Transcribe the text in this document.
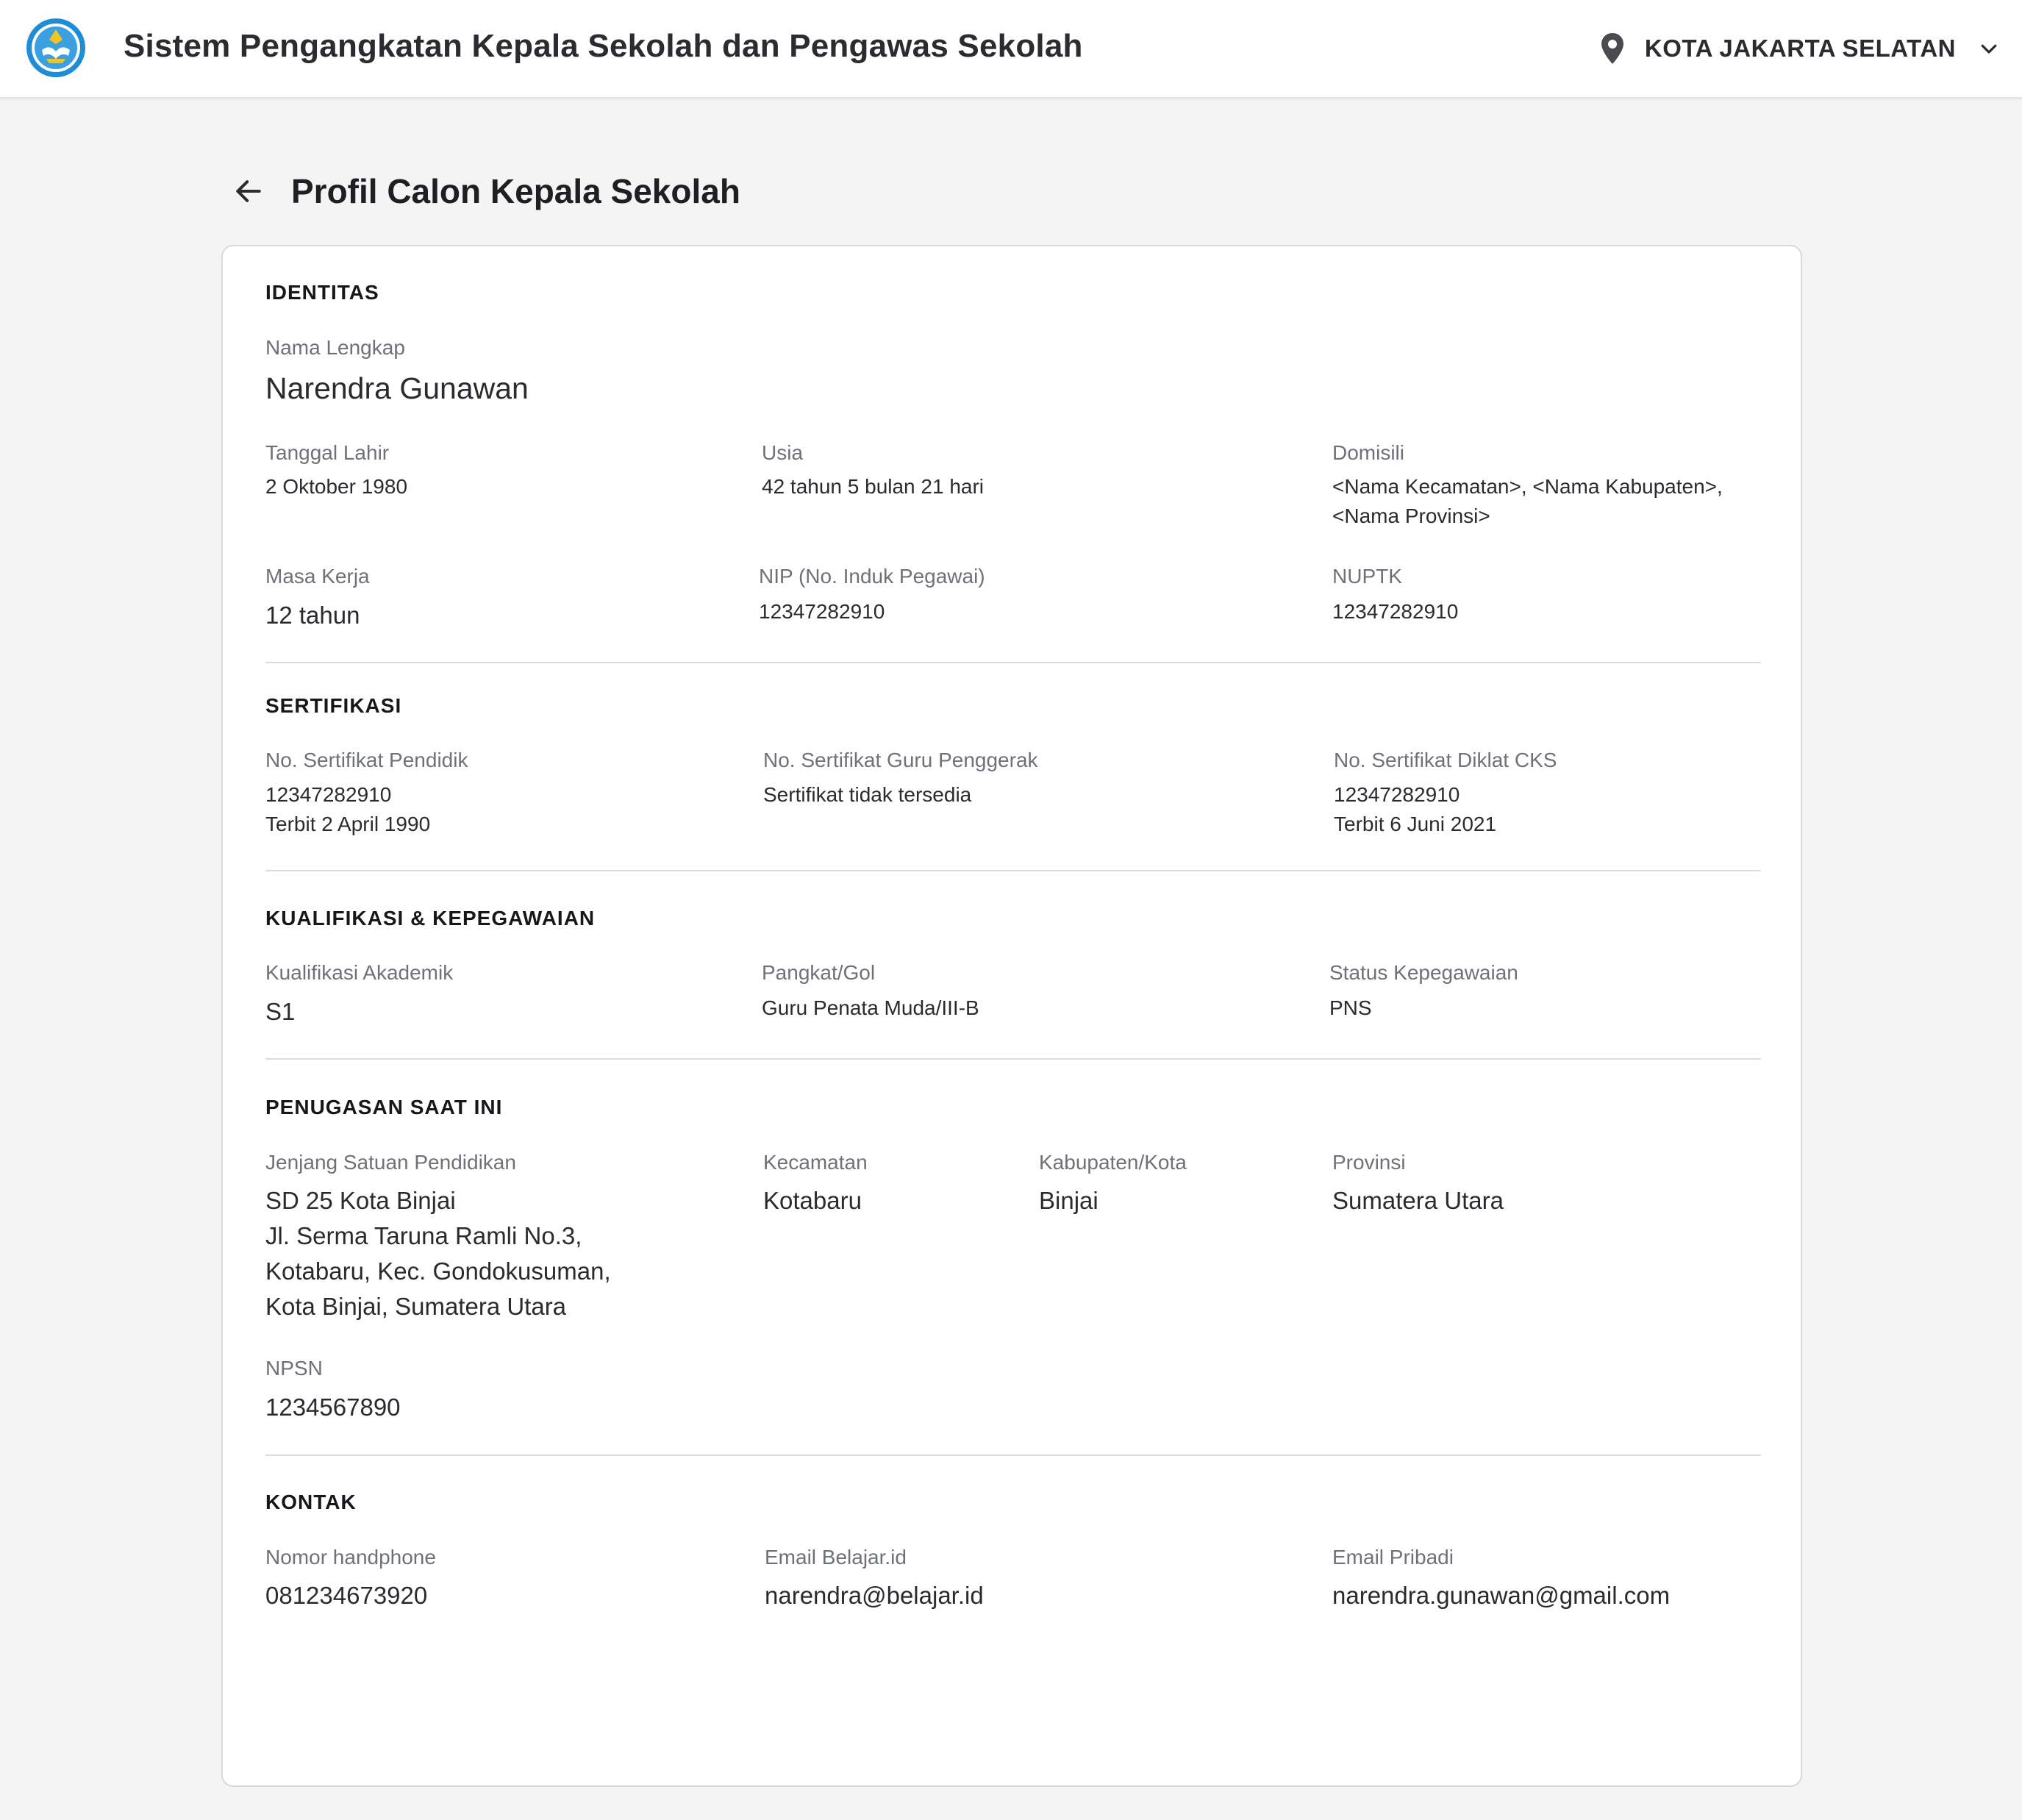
Sistem Pengangkatan Kepala Sekolah dan Pengawas Sekolah	KOTA JAKARTA SELATAN
Profil Calon Kepala Sekolah
IDENTITAS
Nama Lengkap
Narendra Gunawan
Tanggal Lahir
2 Oktober 1980
Usia
42 tahun 5 bulan 21 hari
Domisili
<Nama Kecamatan>, <Nama Kabupaten>,
<Nama Provinsi>
Masa Kerja
12 tahun
NIP (No. Induk Pegawai)
12347282910
NUPTK
12347282910
SERTIFIKASI
No. Sertifikat Pendidik
12347282910
Terbit 2 April 1990
No. Sertifikat Guru Penggerak
Sertifikat tidak tersedia
No. Sertifikat Diklat CKS
12347282910
Terbit 6 Juni 2021
KUALIFIKASI & KEPEGAWAIAN
Kualifikasi Akademik
S1
Pangkat/Gol
Guru Penata Muda/III-B
Status Kepegawaian
PNS
PENUGASAN SAAT INI
Jenjang Satuan Pendidikan
SD 25 Kota Binjai
Jl. Serma Taruna Ramli No.3,
Kotabaru, Kec. Gondokusuman,
Kota Binjai, Sumatera Utara
Kecamatan
Kotabaru
Kabupaten/Kota
Binjai
Provinsi
Sumatera Utara
NPSN
1234567890
KONTAK
Nomor handphone
081234673920
Email Belajar.id
narendra@belajar.id
Email Pribadi
narendra.gunawan@gmail.com
